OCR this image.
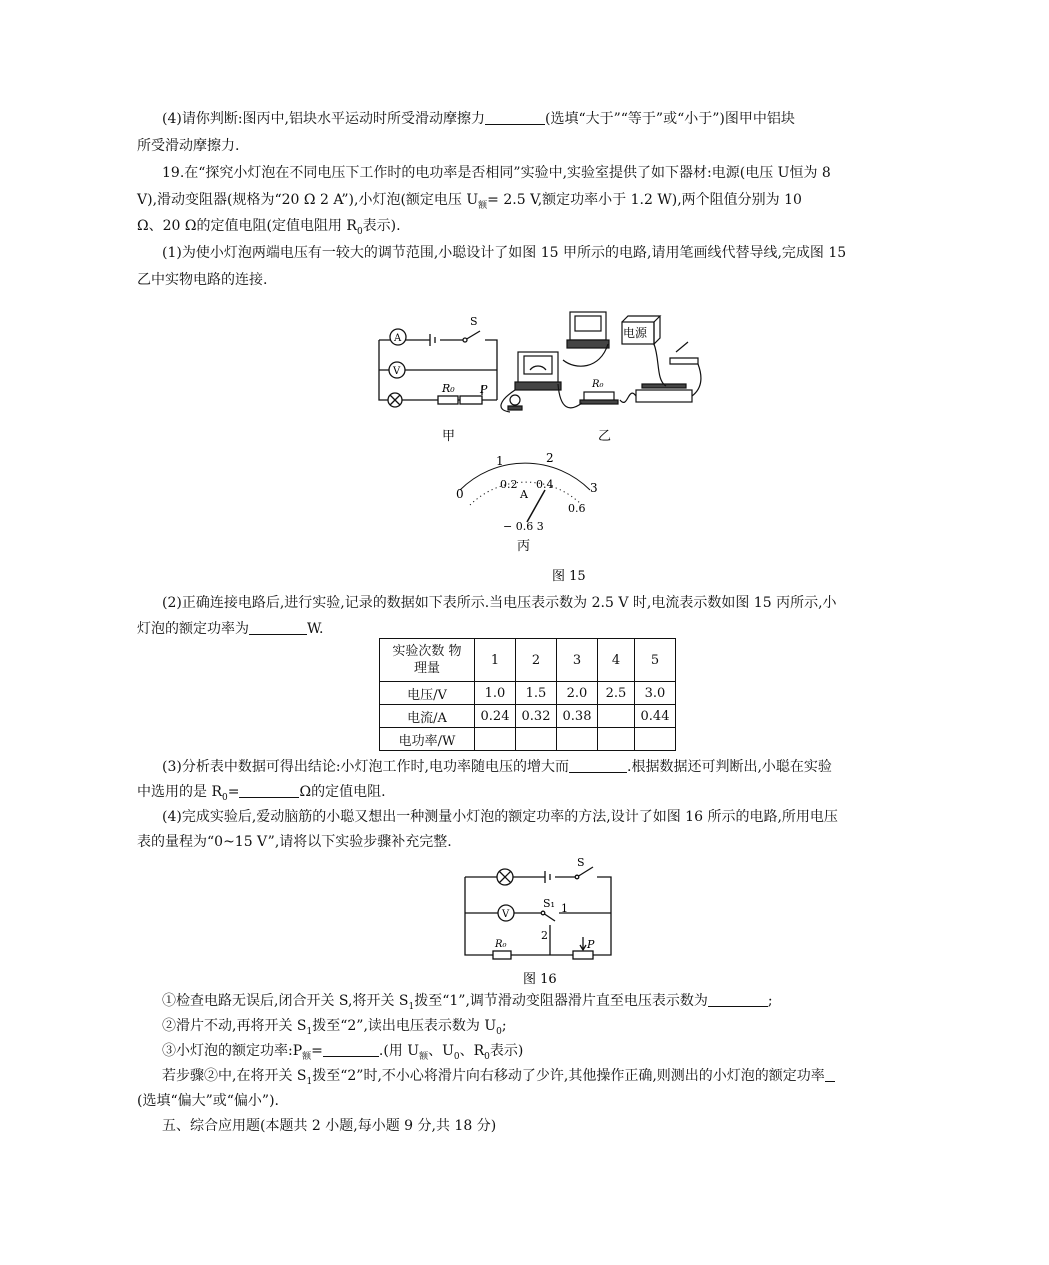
(4)请你判断:图丙中,铝块水平运动时所受滑动摩擦力	(选填“大于”“等于”或“小于”)图甲中铝块
所受滑动摩擦力.
19.在“探究小灯泡在不同电压下工作时的电功率是否相同”实验中,实验室提供了如下器材:电源(电压 U恒为 8
V),滑动变阻器(规格为“20 Ω 2 A”),小灯泡(额定电压 $U_额= 2.5$ V,额定功率小于 1.2 W),两个阻值分别为 10
Ω、20 Ω的定值电阻(定值电阻用 $R_0$表示).
(1)为使小灯泡两端电压有一较大的调节范围,小聪设计了如图 15 甲所示的电路,请用笔画线代替导线,完成图 15
乙中实物电路的连接.
A
V
S
R₀ P
甲
电源
R₀
乙
0
1	2
3
0.2 0.4
0.6
A
− 0.6 3
丙
图 15
(2)正确连接电路后,进行实验,记录的数据如下表所示.当电压表示数为 2.5 V 时,电流表示数如图 15 丙所示,小
灯泡的额定功率为	W.
实验次数 物
理量	1	2	3	4	5
电压/V	1.0	1.5	2.0	2.5	3.0
电流/A	0.24	0.32	0.38		0.44
电功率/W					
(3)分析表中数据可得出结论:小灯泡工作时,电功率随电压的增大而	.根据数据还可判断出,小聪在实验
中选用的是 $R_0=$	Ω的定值电阻.
(4)完成实验后,爱动脑筋的小聪又想出一种测量小灯泡的额定功率的方法,设计了如图 16 所示的电路,所用电压
表的量程为“0~15 V”,请将以下实验步骤补充完整.
S
S₁ 1
2
V
R₀	P
图 16
①检查电路无误后,闭合开关 S,将开关 $S_1$拨至“1”,调节滑动变阻器滑片直至电压表示数为	;
②滑片不动,再将开关 $S_1$拨至“2”,读出电压表示数为 $U_0$;
③小灯泡的额定功率$:P_额=$	.(用 $U_额$、$U_0$、$R_0$表示)
若步骤②中,在将开关 $S_1$拨至“2”时,不小心将滑片向右移动了少许,其他操作正确,则测出的小灯泡的额定功率
(选填“偏大”或“偏小”).
五、综合应用题(本题共 2 小题,每小题 9 分,共 18 分)
